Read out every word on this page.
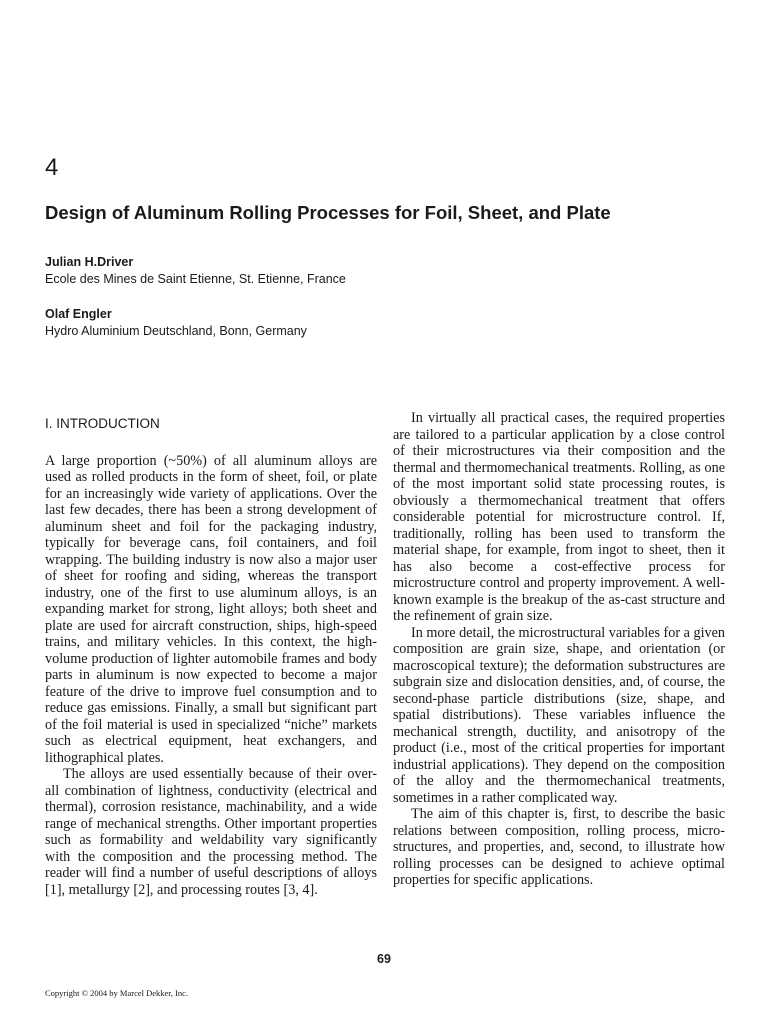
4
Design of Aluminum Rolling Processes for Foil, Sheet, and Plate
Julian H.Driver
Ecole des Mines de Saint Etienne, St. Etienne, France
Olaf Engler
Hydro Aluminium Deutschland, Bonn, Germany
I. INTRODUCTION

A large proportion (~50%) of all aluminum alloys are used as rolled products in the form of sheet, foil, or plate for an increasingly wide variety of applications. Over the last few decades, there has been a strong development of aluminum sheet and foil for the packaging industry, typically for beverage cans, foil containers, and foil wrapping. The building industry is now also a major user of sheet for roofing and siding, whereas the transport industry, one of the first to use aluminum alloys, is an expanding market for strong, light alloys; both sheet and plate are used for aircraft construction, ships, high-speed trains, and military vehicles. In this context, the high-volume production of lighter automobile frames and body parts in aluminum is now expected to become a major feature of the drive to improve fuel consumption and to reduce gas emissions. Finally, a small but significant part of the foil material is used in specialized “niche” markets such as electrical equipment, heat exchangers, and lithographical plates.

The alloys are used essentially because of their over-all combination of lightness, conductivity (electrical and thermal), corrosion resistance, machinability, and a wide range of mechanical strengths. Other important properties such as formability and weldability vary significantly with the composition and the processing method. The reader will find a number of useful descriptions of alloys [1], metallurgy [2], and processing routes [3, 4].

In virtually all practical cases, the required properties are tailored to a particular application by a close control of their microstructures via their composition and the thermal and thermomechanical treatments. Rolling, as one of the most important solid state processing routes, is obviously a thermomechanical treatment that offers considerable potential for microstructure control. If, traditionally, rolling has been used to transform the material shape, for example, from ingot to sheet, then it has also become a cost-effective process for microstructure control and property improvement. A well-known example is the breakup of the as-cast structure and the refinement of grain size.

In more detail, the microstructural variables for a given composition are grain size, shape, and orientation (or macroscopical texture); the deformation substructures are subgrain size and dislocation densities, and, of course, the second-phase particle distributions (size, shape, and spatial distributions). These variables influence the mechanical strength, ductility, and anisotropy of the product (i.e., most of the critical properties for important industrial applications). They depend on the composition of the alloy and the thermomechanical treatments, sometimes in a rather complicated way.

The aim of this chapter is, first, to describe the basic relations between composition, rolling process, micro-structures, and properties, and, second, to illustrate how rolling processes can be designed to achieve optimal properties for specific applications.

69
Copyright © 2004 by Marcel Dekker, Inc.
